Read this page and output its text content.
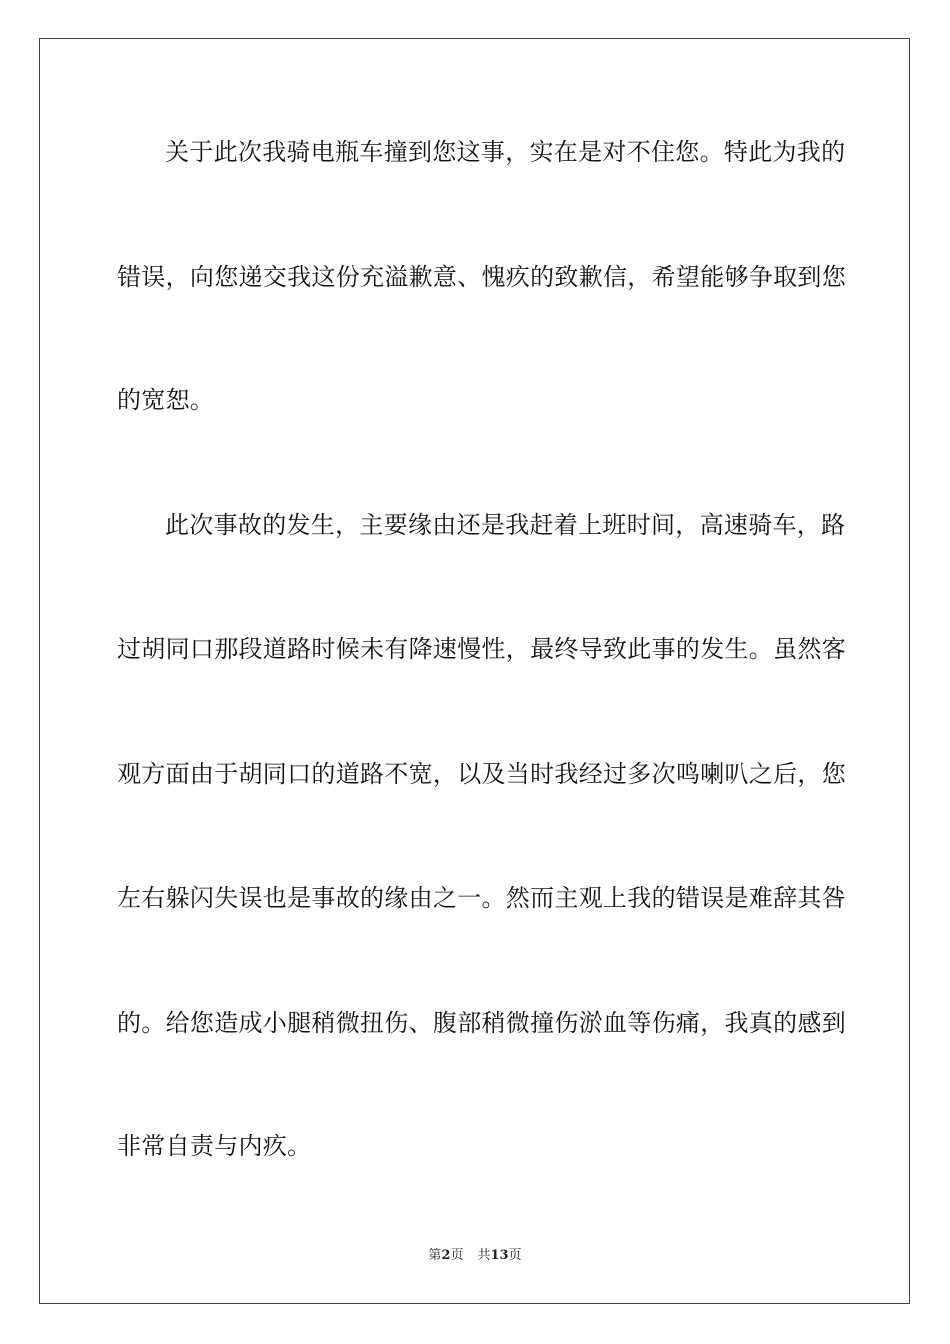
关于此次我骑电瓶车撞到您这事，实在是对不住您。特此为我的
错误，向您递交我这份充溢歉意、愧疚的致歉信，希望能够争取到您
的宽恕。
此次事故的发生，主要缘由还是我赶着上班时间，高速骑车，路
过胡同口那段道路时候未有降速慢性，最终导致此事的发生。虽然客
观方面由于胡同口的道路不宽，以及当时我经过多次鸣喇叭之后，您
左右躲闪失误也是事故的缘由之一。然而主观上我的错误是难辞其咎
的。给您造成小腿稍微扭伤、腹部稍微撞伤淤血等伤痛，我真的感到
非常自责与内疚。
第2页 共13页
